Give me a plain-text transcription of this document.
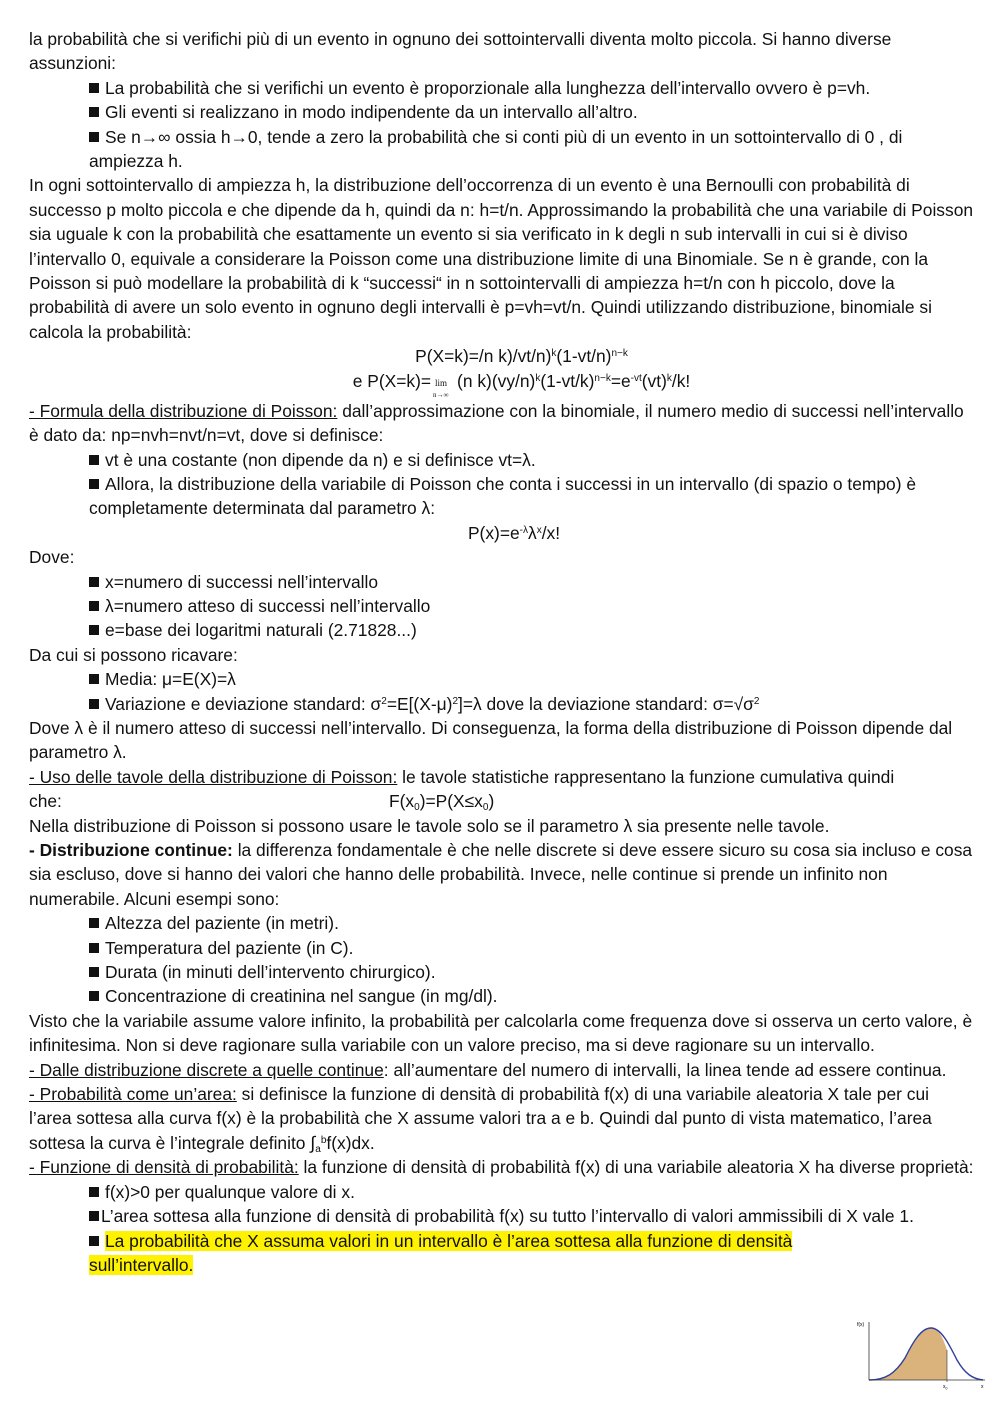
la probabilità che si verifichi più di un evento in ognuno dei sottointervalli diventa molto piccola. Si hanno diverse assunzioni:

La probabilità che si verifichi un evento è proporzionale alla lunghezza dell’intervallo ovvero è p=vh.

Gli eventi si realizzano in modo indipendente da un intervallo all’altro.

Se n→∞ ossia h→0, tende a zero la probabilità che si conti più di un evento in un sottointervallo di 0 , di ampiezza h.

In ogni sottointervallo di ampiezza h, la distribuzione dell’occorrenza di un evento è una Bernoulli con probabilità di successo p molto piccola e che dipende da h, quindi da n: h=t/n. Approssimando la probabilità che una variabile di Poisson sia uguale k con la probabilità che esattamente un evento si sia verificato in k degli n sub intervalli in cui si è diviso l’intervallo 0, equivale a considerare la Poisson come una distribuzione limite di una Binomiale. Se n è grande, con la Poisson si può modellare la probabilità di k “successi“ in n sottointervalli di ampiezza h=t/n con h piccolo, dove la probabilità di avere un solo evento in ognuno degli intervalli è p=vh=vt/n. Quindi utilizzando distribuzione, binomiale si calcola la probabilità:

P(X=k)=/n $k)/vt/n)^k(1-vt/n)^{n-k}$

e P(X=k)= lim
n→∞
(n $k)(vy/n)^k(1-vt/k)^{n-k}=e^{-vt}(vt)^k/k$!

- Formula della distribuzione di Poisson: dall’approssimazione con la binomiale, il numero medio di successi nell’intervallo è dato da: np=nvh=nvt/n=vt, dove si definisce:

vt è una costante (non dipende da n) e si definisce vt=λ.

Allora, la distribuzione della variabile di Poisson che conta i successi in un intervallo (di spazio o tempo) è completamente determinata dal parametro λ:

$P(x)=e^{-\lambda}\lambda^x/x$!

Dove:

x=numero di successi nell’intervallo

λ=numero atteso di successi nell’intervallo

e=base dei logaritmi naturali (2.71828...)

Da cui si possono ricavare:

Media: μ=E(X)=λ

Variazione e deviazione standard: $\sigma^2=E[(X-\mu)^2]=\lambda$ dove la deviazione standard: $\sigma=√\sigma^2$

Dove λ è il numero atteso di successi nell’intervallo. Di conseguenza, la forma della distribuzione di Poisson dipende dal parametro λ.

- Uso delle tavole della distribuzione di Poisson: le tavole statistiche rappresentano la funzione cumulativa quindi

che:	$F(x_0)=P(X\le x_0)$

Nella distribuzione di Poisson si possono usare le tavole solo se il parametro λ sia presente nelle tavole.

- Distribuzione continue: la differenza fondamentale è che nelle discrete si deve essere sicuro su cosa sia incluso e cosa sia escluso, dove si hanno dei valori che hanno delle probabilità. Invece, nelle continue si prende un infinito non numerabile. Alcuni esempi sono:

Altezza del paziente (in metri).

Temperatura del paziente (in C).

Durata (in minuti dell’intervento chirurgico).

Concentrazione di creatinina nel sangue (in mg/dl).

Visto che la variabile assume valore infinito, la probabilità per calcolarla come frequenza dove si osserva un certo valore, è infinitesima. Non si deve ragionare sulla variabile con un valore preciso, ma si deve ragionare su un intervallo.

- Dalle distribuzione discrete a quelle continue: all’aumentare del numero di intervalli, la linea tende ad essere continua.

- Probabilità come un’area: si definisce la funzione di densità di probabilità f(x) di una variabile aleatoria X tale per cui l’area sottesa alla curva f(x) è la probabilità che X assume valori tra a e b. Quindi dal punto di vista matematico, l’area sottesa la curva è l’integrale definito $\int_a^bf(x)dx$.

- Funzione di densità di probabilità: la funzione di densità di probabilità f(x) di una variabile aleatoria X ha diverse proprietà:

f(x)>0 per qualunque valore di x.

L’area sottesa alla funzione di densità di probabilità f(x) su tutto l’intervallo di valori ammissibili di X vale 1.

La probabilità che X assuma valori in un intervallo è l’area sottesa alla funzione di densità sull’intervallo.

f(x)
x
$x_0$
